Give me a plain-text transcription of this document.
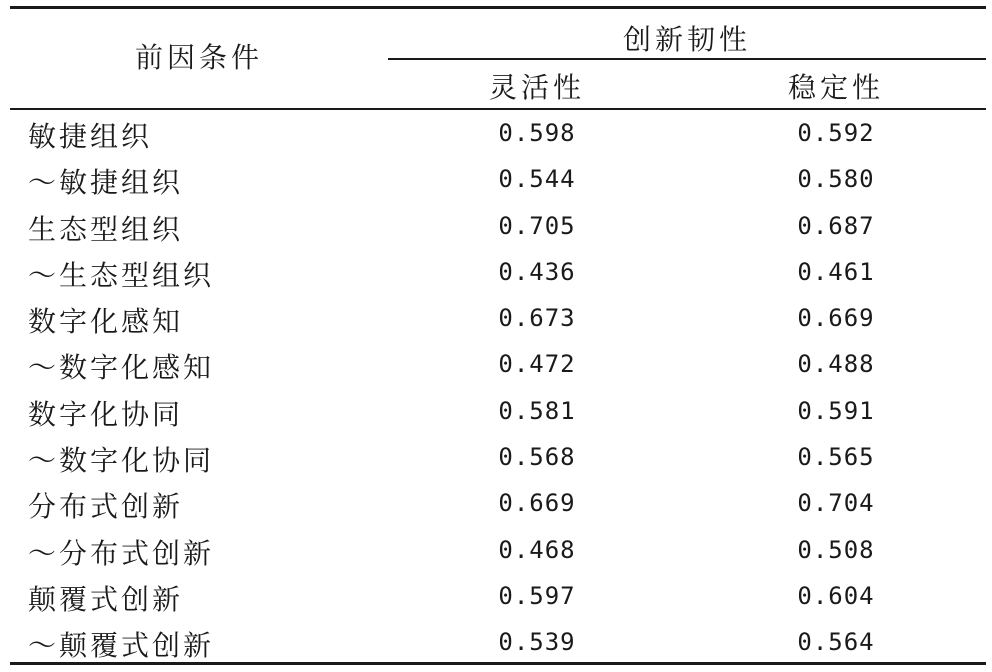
前因条件
创新韧性
灵活性	稳定性
敏捷组织	0.598	0.592
～敏捷组织	0.544	0.580
生态型组织	0.705	0.687
～生态型组织	0.436	0.461
数字化感知	0.673	0.669
～数字化感知	0.472	0.488
数字化协同	0.581	0.591
～数字化协同	0.568	0.565
分布式创新	0.669	0.704
～分布式创新	0.468	0.508
颠覆式创新	0.597	0.604
～颠覆式创新	0.539	0.564
